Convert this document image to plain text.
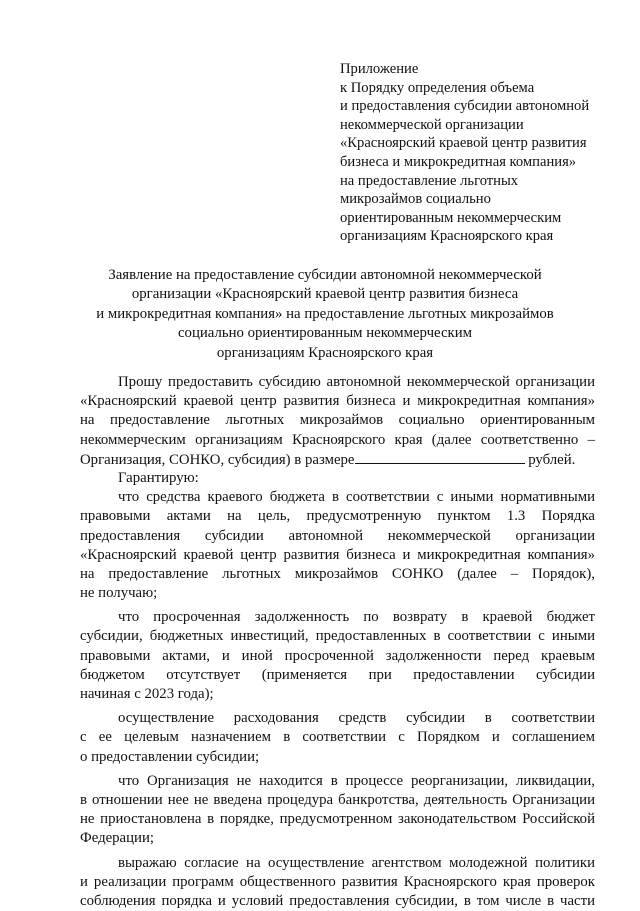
Приложение
к Порядку определения объема
и предоставления субсидии автономной
некоммерческой организации
«Красноярский краевой центр развития
бизнеса и микрокредитная компания»
на предоставление льготных
микрозаймов социально
ориентированным некоммерческим
организациям Красноярского края
Заявление на предоставление субсидии автономной некоммерческой
организации «Красноярский краевой центр развития бизнеса
и микрокредитная компания» на предоставление льготных микрозаймов
социально ориентированным некоммерческим
организациям Красноярского края
Прошу предоставить субсидию автономной некоммерческой организации
«Красноярский краевой центр развития бизнеса и микрокредитная компания»
на предоставление льготных микрозаймов социально ориентированным
некоммерческим организациям Красноярского края (далее соответственно –
Организация, СОНКО, субсидия) в размере	рублей.
Гарантирую:
что средства краевого бюджета в соответствии с иными нормативными
правовыми актами на цель, предусмотренную пунктом 1.3 Порядка
предоставления субсидии автономной некоммерческой организации
«Красноярский краевой центр развития бизнеса и микрокредитная компания»
на предоставление льготных микрозаймов СОНКО (далее – Порядок),
не получаю;
что просроченная задолженность по возврату в краевой бюджет
субсидии, бюджетных инвестиций, предоставленных в соответствии с иными
правовыми актами, и иной просроченной задолженности перед краевым
бюджетом отсутствует (применяется при предоставлении субсидии
начиная с 2023 года);
осуществление расходования средств субсидии в соответствии
с ее целевым назначением в соответствии с Порядком и соглашением
о предоставлении субсидии;
что Организация не находится в процессе реорганизации, ликвидации,
в отношении нее не введена процедура банкротства, деятельность Организации
не приостановлена в порядке, предусмотренном законодательством Российской
Федерации;
выражаю согласие на осуществление агентством молодежной политики
и реализации программ общественного развития Красноярского края проверок
соблюдения порядка и условий предоставления субсидии, в том числе в части
